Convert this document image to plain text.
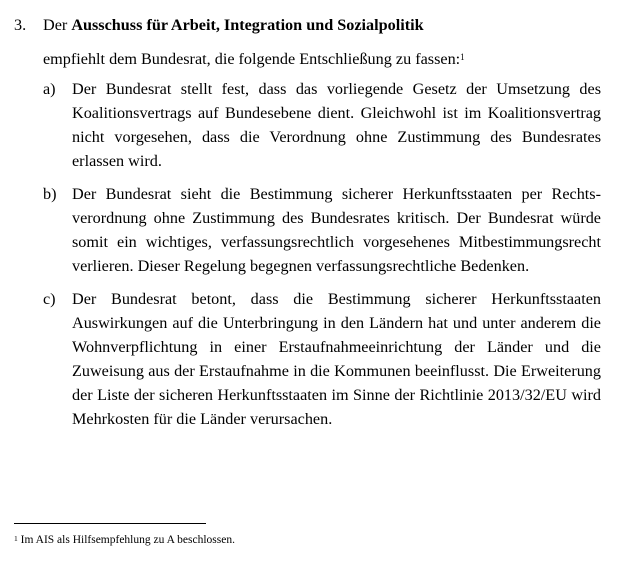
3. Der Ausschuss für Arbeit, Integration und Sozialpolitik
empfiehlt dem Bundesrat, die folgende Entschließung zu fassen:$^1$
a) Der Bundesrat stellt fest, dass das vorliegende Gesetz der Umsetzung des Koalitionsvertrags auf Bundesebene dient. Gleichwohl ist im Koalitionsvertrag nicht vorgesehen, dass die Verordnung ohne Zustimmung des Bundesrates erlassen wird.
b) Der Bundesrat sieht die Bestimmung sicherer Herkunftsstaaten per Rechtsverordnung ohne Zustimmung des Bundesrates kritisch. Der Bundesrat würde somit ein wichtiges, verfassungsrechtlich vorgesehenes Mitbestimmungsrecht verlieren. Dieser Regelung begegnen verfassungsrechtliche Bedenken.
c) Der Bundesrat betont, dass die Bestimmung sicherer Herkunftsstaaten Auswirkungen auf die Unterbringung in den Ländern hat und unter anderem die Wohnverpflichtung in einer Erstaufnahmeeinrichtung der Länder und die Zuweisung aus der Erstaufnahme in die Kommunen beeinflusst. Die Erweiterung der Liste der sicheren Herkunftsstaaten im Sinne der Richtlinie 2013/32/EU wird Mehrkosten für die Länder verursachen.
$^1$ Im AIS als Hilfsempfehlung zu A beschlossen.
